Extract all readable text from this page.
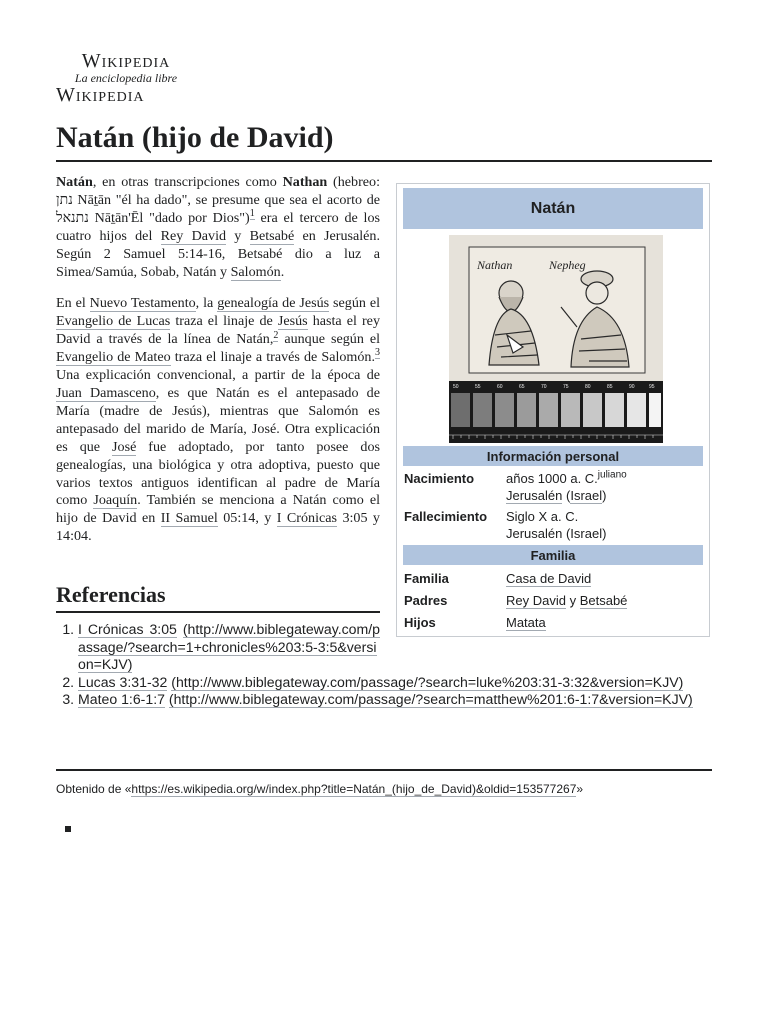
Wikipedia
La enciclopedia libre
Wikipedia
Natán (hijo de David)

Natán, en otras transcripciones como Nathan (hebreo: נתן Nāṯān "él ha dado", se presume que sea el acorto de נתנאל Nāṯān'Ēl "dado por Dios")$^1$ era el tercero de los cuatro hijos del Rey David y Betsabé en Jerusalén. Según 2 Samuel 5:14-16, Betsabé dio a luz a Simea/Samúa, Sobab, Natán y Salomón.

En el Nuevo Testamento, la genealogía de Jesús según el Evangelio de Lucas traza el linaje de Jesús hasta el rey David a través de la línea de Natán,$^2$ aunque según el Evangelio de Mateo traza el linaje a través de Salomón.$^3$ Una explicación convencional, a partir de la época de Juan Damasceno, es que Natán es el antepasado de María (madre de Jesús), mientras que Salomón es antepasado del marido de María, José. Otra explicación es que José fue adoptado, por tanto posee dos genealogías, una biológica y otra adoptiva, puesto que varios textos antiguos identifican al padre de María como Joaquín. También se menciona a Natán como el hijo de David en II Samuel 05:14, y I Crónicas 3:05 y 14:04.

Natán
Nathan	Nepheg
50	55	60	65	70	75	80	85	90	95
Información personal
Nacimiento	años 1000 a. C.$^{juliano}$
Jerusalén (Israel)
Fallecimiento	Siglo X a. C.
Jerusalén (Israel)
Familia
Familia	Casa de David
Padres	Rey David y Betsabé
Hijos	Matata
Referencias
1. I Crónicas 3:05 (http://www.biblegateway.com/passage/?search=1+chronicles%203:5-3:5&version=KJV)
2. Lucas 3:31-32 (http://www.biblegateway.com/passage/?search=luke%203:31-3:32&version=KJV)
3. Mateo 1:6-1:7 (http://www.biblegateway.com/passage/?search=matthew%201:6-1:7&version=KJV)
Obtenido de «https://es.wikipedia.org/w/index.php?title=Natán_(hijo_de_David)&oldid=153577267»
